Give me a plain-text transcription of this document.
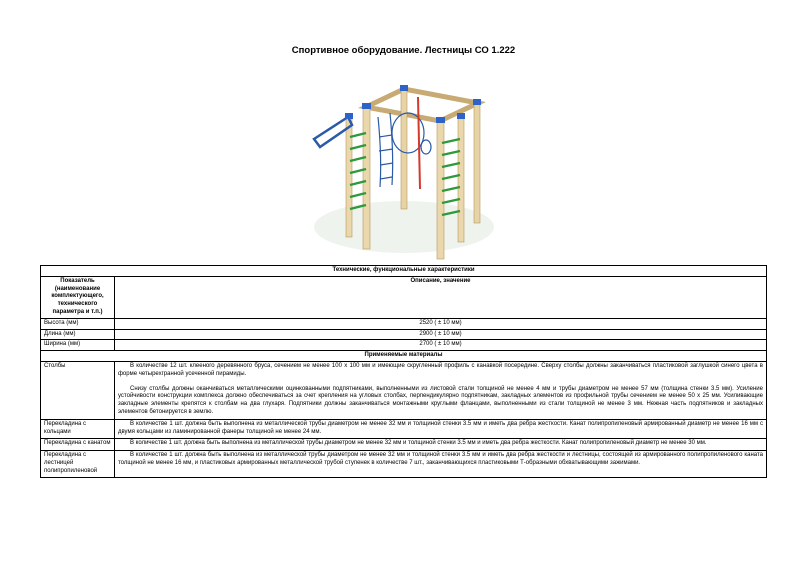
Спортивное оборудование. Лестницы СО 1.222
Технические, функциональные характеристики	
Показатель (наименование комплектующего, технического параметра и т.п.)	Описание, значение
Высота (мм)	2520 ( ± 10 мм)
Длина (мм)	2900 ( ± 10 мм)
Ширина (мм)	2700 ( ± 10 мм)
Применяемые материалы	
Столбы	В количестве 12 шт. клееного деревянного бруса, сечением не менее 100 х 100 мм и имеющие скругленный профиль с канавкой посередине. Сверху столбы должны заканчиваться пластиковой заглушкой синего цвета в форме четырехгранной усеченной пирамиды.

Снизу столбы должны оканчиваться металлическими оцинкованными подпятниками, выполненными из листовой стали толщиной не менее 4 мм и трубы диаметром не менее 57 мм (толщина стенки 3.5 мм). Усиление устойчивости конструкции комплекса должно обеспечиваться за счет крепления на угловых столбах, перпендикулярно подпятникам, закладных элементов из профильной трубы сечением не менее 50 х 25 мм. Усиливающие закладные элементы крепятся к столбам на два глухаря. Подпятники должны заканчиваться монтажными круглыми фланцами, выполненными из стали толщиной не менее 3 мм. Нежная часть подпятников и закладных элементов бетонируется в землю.

Перекладина с кольцами	В количестве 1 шт. должна быть выполнена из металлической трубы диаметром не менее 32 мм и толщиной стенки 3.5 мм и иметь два ребра жесткости. Канат полипропиленовый армированный диаметр не менее 16 мм с двумя кольцами из ламинированной фанеры толщиной не менее 24 мм.

Перекладина с канатом	В количестве 1 шт. должна быть выполнена из металлической трубы диаметром не менее 32 мм и толщиной стенки 3.5 мм и иметь два ребра жесткости. Канат полипропиленовый диаметр не менее 30 мм.

Перекладина с лестницей полипропиленовой	В количестве 1 шт. должна быть выполнена из металлической трубы диаметром не менее 32 мм и толщиной стенки 3.5 мм и иметь два ребра жесткости и лестницы, состоящей из армированного полипропиленового каната толщиной не менее 16 мм, и пластиковых армированных металлической трубой ступенек в количестве 7 шт., заканчивающихся пластиковыми Т-образными обхватывающими зажимами.
